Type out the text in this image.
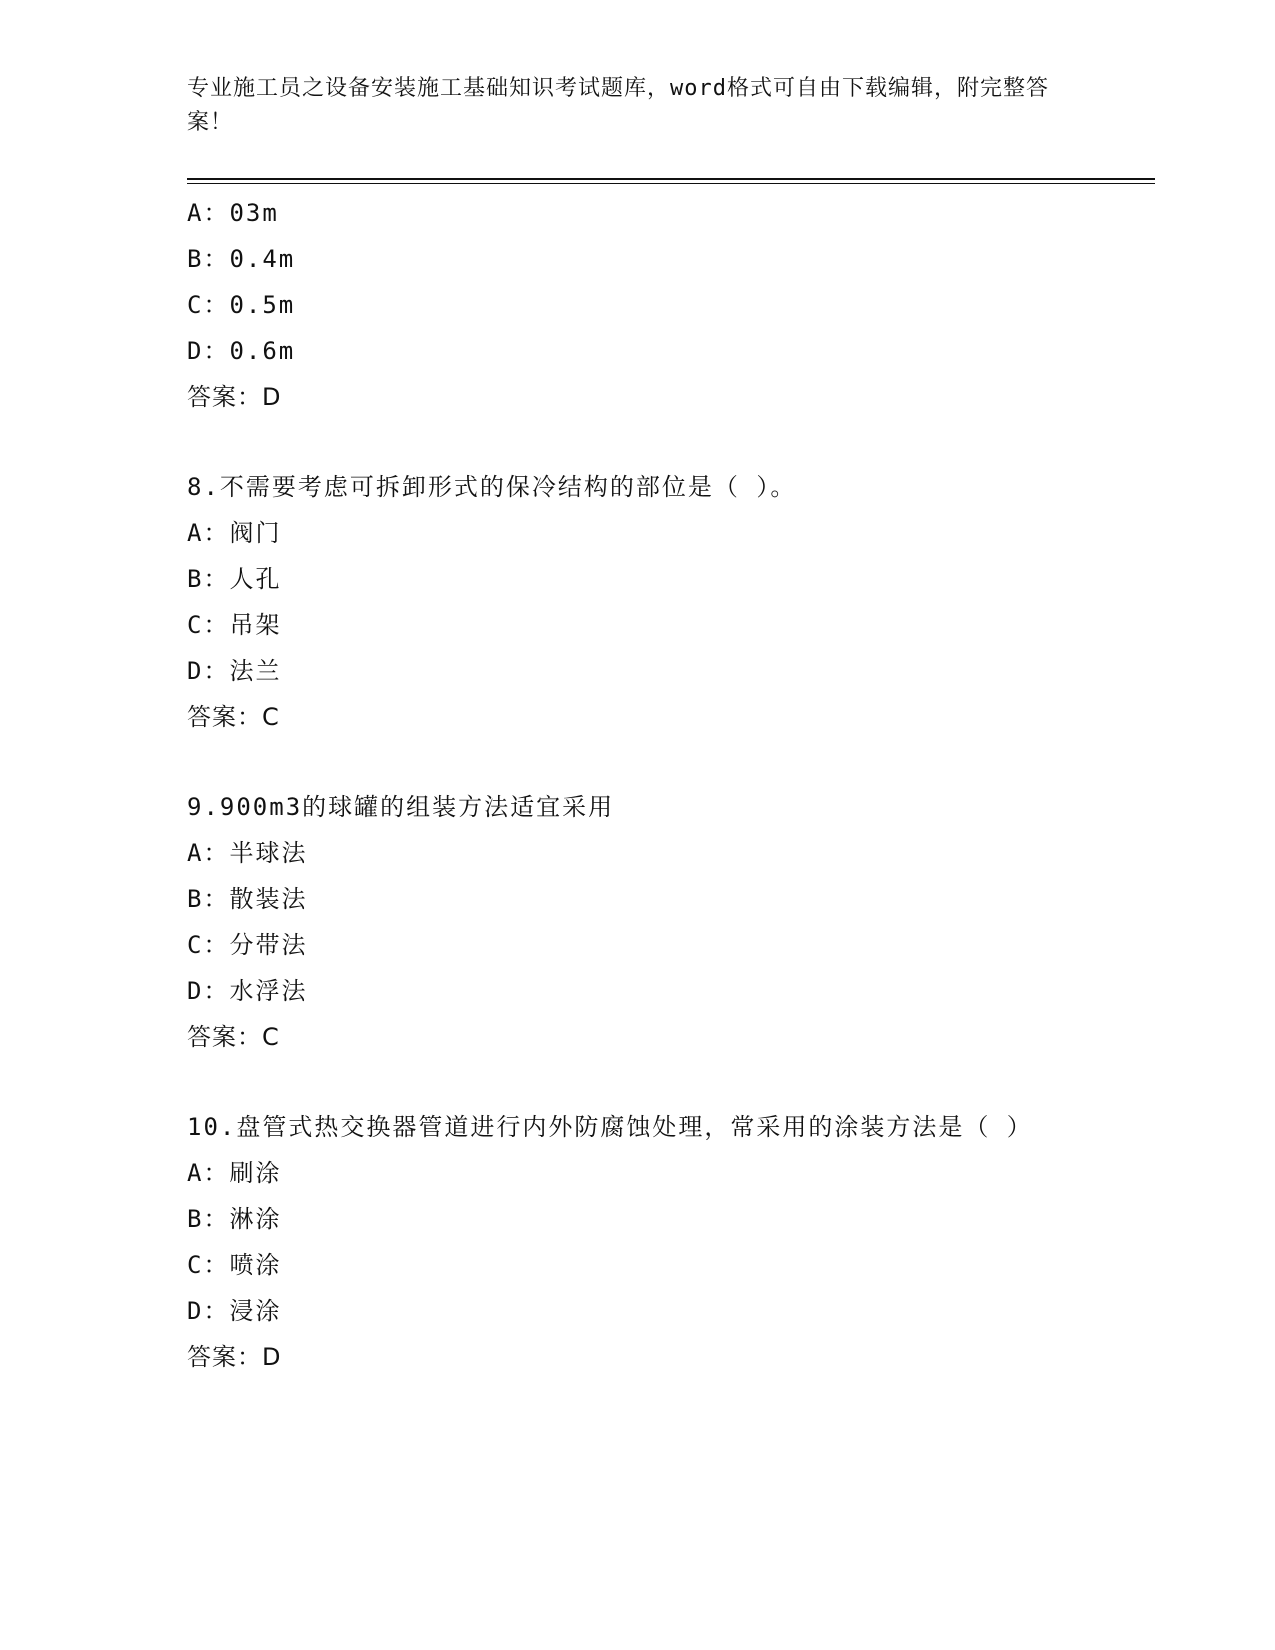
专业施工员之设备安装施工基础知识考试题库，word格式可自由下载编辑，附完整答案！
A：03m
B：0.4m
C：0.5m
D：0.6m
答案：D
8.不需要考虑可拆卸形式的保冷结构的部位是（ ）。
A：阀门
B：人孔
C：吊架
D：法兰
答案：C
9.900m3的球罐的组装方法适宜采用
A：半球法
B：散装法
C：分带法
D：水浮法
答案：C
10.盘管式热交换器管道进行内外防腐蚀处理，常采用的涂装方法是（ ）
A：刷涂
B：淋涂
C：喷涂
D：浸涂
答案：D
